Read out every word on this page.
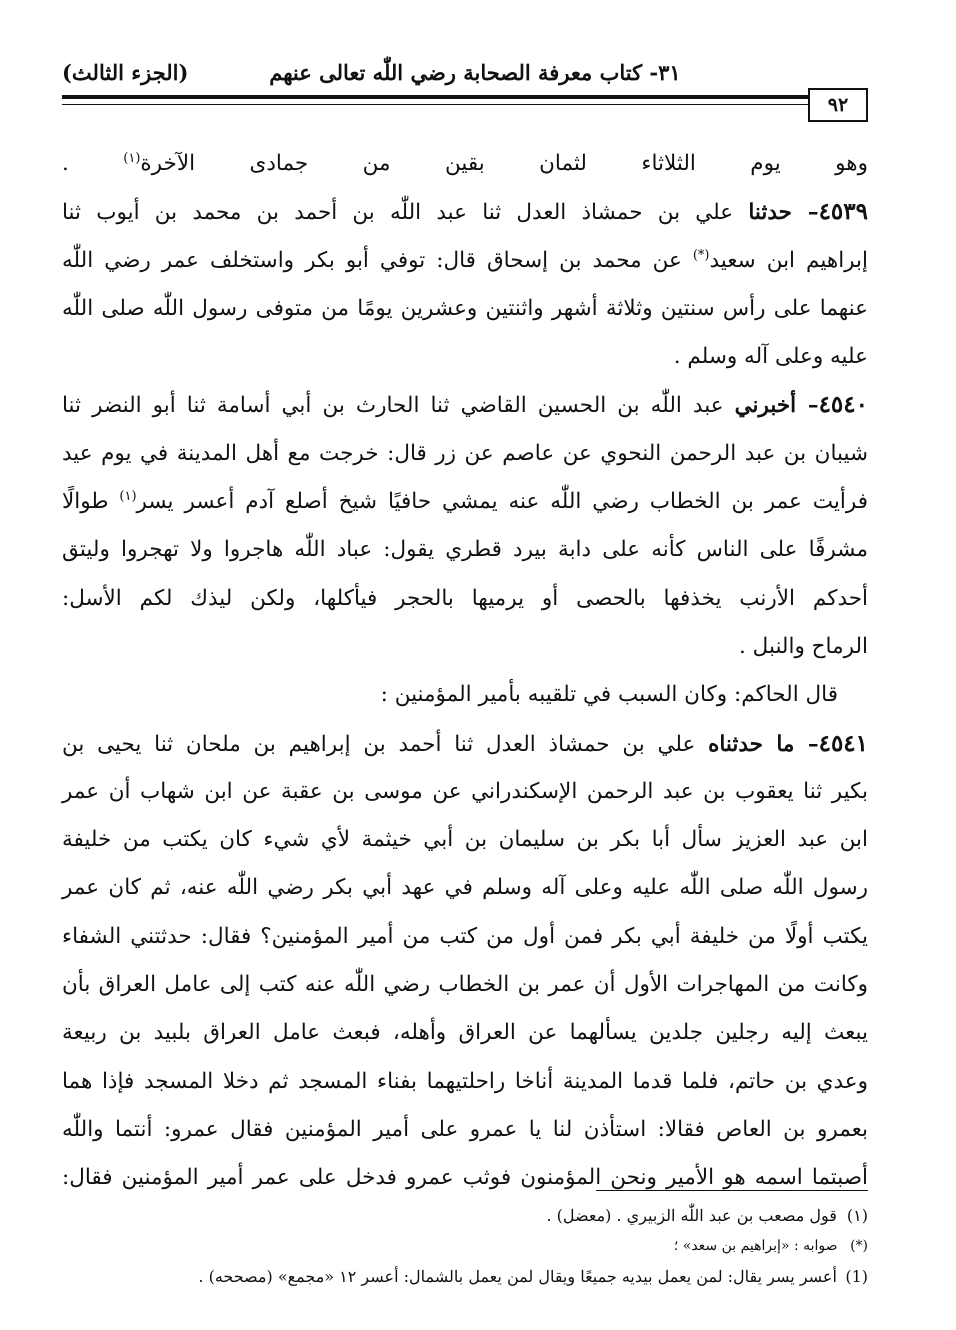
٣١- كتاب معرفة الصحابة رضي اللّٰه تعالى عنهم
(الجزء الثالث)
٩٢
وهو يوم الثلاثاء لثمان بقين من جمادى الآخرة$^{(١)}$ .
٤٥٣٩– حدثنا علي بن حمشاذ العدل ثنا عبد اللّٰه بن أحمد بن محمد بن أيوب ثنا
إبراهيم ابن سعيد(*) عن محمد بن إسحاق قال: توفي أبو بكر واستخلف عمر رضي اللّٰه
عنهما على رأس سنتين وثلاثة أشهر واثنتين وعشرين يومًا من متوفى رسول اللّٰه صلى اللّٰه
عليه وعلى آله وسلم .
٤٥٤٠– أخبرني عبد اللّٰه بن الحسين القاضي ثنا الحارث بن أبي أسامة ثنا أبو النضر ثنا
شيبان بن عبد الرحمن النحوي عن عاصم عن زر قال: خرجت مع أهل المدينة في يوم عيد
فرأيت عمر بن الخطاب رضي اللّٰه عنه يمشي حافيًا شيخ أصلع آدم أعسر يسر$^{(١)}$ طوالًا
مشرفًا على الناس كأنه على دابة بيرد قطري يقول: عباد اللّٰه هاجروا ولا تهجروا وليتق
أحدكم الأرنب يخذفها بالحصى أو يرميها بالحجر فيأكلها، ولكن ليذك لكم الأسل:
الرماح والنبل .
قال الحاكم: وكان السبب في تلقيبه بأمير المؤمنين :
٤٥٤١– ما حدثناه علي بن حمشاذ العدل ثنا أحمد بن إبراهيم بن ملحان ثنا يحيى بن
بكير ثنا يعقوب بن عبد الرحمن الإسكندراني عن موسى بن عقبة عن ابن شهاب أن عمر
ابن عبد العزيز سأل أبا بكر بن سليمان بن أبي خيثمة لأي شيء كان يكتب من خليفة
رسول اللّٰه صلى اللّٰه عليه وعلى آله وسلم في عهد أبي بكر رضي اللّٰه عنه، ثم كان عمر
يكتب أولًا من خليفة أبي بكر فمن أول من كتب من أمير المؤمنين؟ فقال: حدثتني الشفاء
وكانت من المهاجرات الأول أن عمر بن الخطاب رضي اللّٰه عنه كتب إلى عامل العراق بأن
يبعث إليه رجلين جلدين يسألهما عن العراق وأهله، فبعث عامل العراق بلبيد بن ربيعة
وعدي بن حاتم، فلما قدما المدينة أناخا راحلتيهما بفناء المسجد ثم دخلا المسجد فإذا هما
بعمرو بن العاص فقالا: استأذن لنا يا عمرو على أمير المؤمنين فقال عمرو: أنتما واللّٰه
أصبتما اسمه هو الأمير ونحن المؤمنون فوثب عمرو فدخل على عمر أمير المؤمنين فقال:
(١) قول مصعب بن عبد اللّٰه الزبيري . (معضل) .
(*) صوابه : «إبراهيم بن سعد» ؛
(1) أعسر يسر يقال: لمن يعمل بيديه جميعًا ويقال لمن يعمل بالشمال: أعسر ١٢ «مجمع» (مصححه) .
